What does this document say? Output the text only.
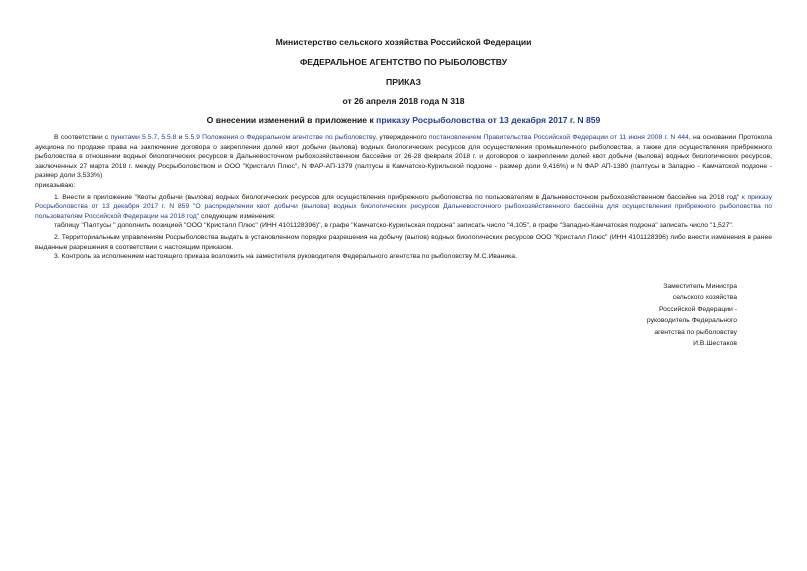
Министерство сельского хозяйства Российской Федерации
ФЕДЕРАЛЬНОЕ АГЕНТСТВО ПО РЫБОЛОВСТВУ
ПРИКАЗ
от 26 апреля 2018 года N 318
О внесении изменений в приложение к приказу Росрыболовства от 13 декабря 2017 г. N 859

В соответствии с пунктами 5.5.7, 5.5.8 и 5.5.9 Положения о Федеральном агентстве по рыболовству, утвержденного постановлением Правительства Российской Федерации от 11 июня 2008 г. N 444, на основании Протокола аукциона по продаже права на заключение договора о закреплении долей квот добычи (вылова) водных биологических ресурсов для осуществления промышленного рыболовства, а также для осуществления прибрежного рыболовства в отношении водных биологических ресурсов в Дальневосточном рыбохозяйственном бассейне от 26-28 февраля 2018 г. и договоров о закреплении долей квот добычи (вылова) водных биологических ресурсов, заключенных 27 марта 2018 г. между Росрыболовством и ООО "Кристалл Плюс", N ФАР-АП-1379 (палтусы в Камчатско-Курильской подзоне - размер доли 9,416%) и N ФАР АП-1380 (палтусы в Западно - Камчатской подзоне - размер доли 3,533%)

приказываю:

1. Внести в приложение "Квоты добычи (вылова) водных биологических ресурсов для осуществления прибрежного рыболовства по пользователям в Дальневосточном рыбохозяйственном бассейне на 2018 год" к приказу Росрыболовства от 13 декабря 2017 г. N 859 "О распределении квот добычи (вылова) водных биологических ресурсов Дальневосточного рыбохозяйственного бассейна для осуществления прибрежного рыболовства по пользователям Российской Федерации на 2018 год" следующие изменения:

таблицу "Палтусы " дополнить позицией "ООО "Кристалл Плюс" (ИНН 4101128396)", в графе "Камчатско-Курильская подзона" записать число "4,105", в графе "Западно-Камчатская подзона" записать число "1,527".

2. Территориальным управлениям Росрыболовства выдать в установленном порядке разрешения на добычу (вылов) водных биологических ресурсов ООО "Кристалл Плюс" (ИНН 4101128396) либо внести изменения в ранее выданные разрешения в соответствии с настоящим приказом.

3. Контроль за исполнением настоящего приказа возложить на заместителя руководителя Федерального агентства по рыболовству М.С.Иваника.

Заместитель Министра
сельского хозяйства
Российской Федерации -
руководитель Федерального
агентства по рыболовству
И.В.Шестаков
